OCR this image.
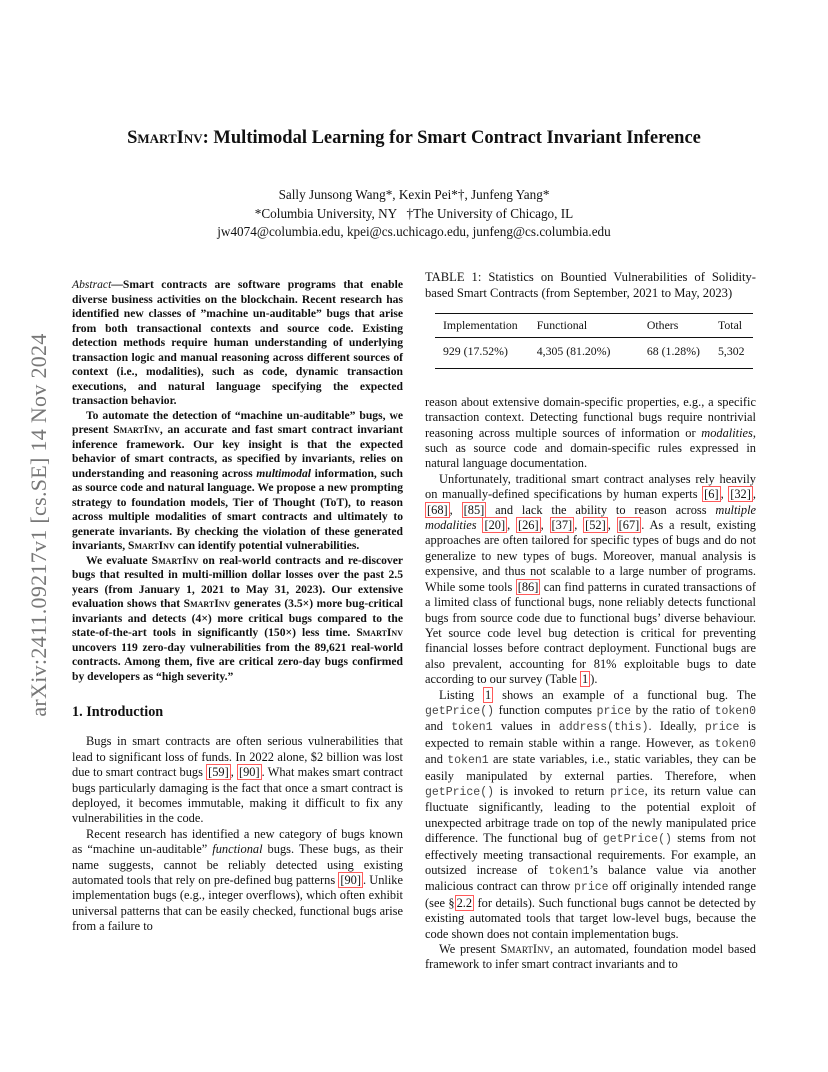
arXiv:2411.09217v1 [cs.SE] 14 Nov 2024
SmartInv: Multimodal Learning for Smart Contract Invariant Inference
Sally Junsong Wang*, Kexin Pei*†, Junfeng Yang*
*Columbia University, NY   †The University of Chicago, IL
jw4074@columbia.edu, kpei@cs.uchicago.edu, junfeng@cs.columbia.edu

Abstract—Smart contracts are software programs that enable diverse business activities on the blockchain. Recent research has identified new classes of ”machine un-auditable” bugs that arise from both transactional contexts and source code. Existing detection methods require human understanding of underlying transaction logic and manual reasoning across different sources of context (i.e., modalities), such as code, dynamic transaction executions, and natural language specifying the expected transaction behavior.

To automate the detection of “machine un-auditable” bugs, we present SmartInv, an accurate and fast smart contract invariant inference framework. Our key insight is that the expected behavior of smart contracts, as specified by invariants, relies on understanding and reasoning across multimodal information, such as source code and natural language. We propose a new prompting strategy to foundation models, Tier of Thought (ToT), to reason across multiple modalities of smart contracts and ultimately to generate invariants. By checking the violation of these generated invariants, SmartInv can identify potential vulnerabilities.

We evaluate SmartInv on real-world contracts and re-discover bugs that resulted in multi-million dollar losses over the past 2.5 years (from January 1, 2021 to May 31, 2023). Our extensive evaluation shows that SmartInv generates (3.5×) more bug-critical invariants and detects (4×) more critical bugs compared to the state-of-the-art tools in significantly (150×) less time. SmartInv uncovers 119 zero-day vulnerabilities from the 89,621 real-world contracts. Among them, five are critical zero-day bugs confirmed by developers as “high severity.”

1. Introduction

Bugs in smart contracts are often serious vulnerabilities that lead to significant loss of funds. In 2022 alone, $2 billion was lost due to smart contract bugs [59] , [90] . What makes smart contract bugs particularly damaging is the fact that once a smart contract is deployed, it becomes immutable, making it difficult to fix any vulnerabilities in the code.

Recent research has identified a new category of bugs known as “machine un-auditable” functional bugs. These bugs, as their name suggests, cannot be reliably detected using existing automated tools that rely on pre-defined bug patterns [90] . Unlike implementation bugs (e.g., integer overflows), which often exhibit universal patterns that can be easily checked, functional bugs arise from a failure to

TABLE 1: Statistics on Bountied Vulnerabilities of Solidity-based Smart Contracts (from September, 2021 to May, 2023)
Implementation	Functional	Others	Total
929 (17.52%)	4,305 (81.20%)	68 (1.28%)	5,302

reason about extensive domain-specific properties, e.g., a specific transaction context. Detecting functional bugs require nontrivial reasoning across multiple sources of information or modalities, such as source code and domain-specific rules expressed in natural language documentation.

Unfortunately, traditional smart contract analyses rely heavily on manually-defined specifications by human experts [6] , [32] , [68] , [85] and lack the ability to reason across multiple modalities [20] , [26] , [37] , [52] , [67] . As a result, existing approaches are often tailored for specific types of bugs and do not generalize to new types of bugs. Moreover, manual analysis is expensive, and thus not scalable to a large number of programs. While some tools [86] can find patterns in curated transactions of a limited class of functional bugs, none reliably detects functional bugs from source code due to functional bugs’ diverse behaviour. Yet source code level bug detection is critical for preventing financial losses before contract deployment. Functional bugs are also prevalent, accounting for 81% exploitable bugs to date according to our survey (Table 1 ).

Listing 1 shows an example of a functional bug. The getPrice() function computes price by the ratio of token0 and token1 values in address(this). Ideally, price is expected to remain stable within a range. However, as token0 and token1 are state variables, i.e., static variables, they can be easily manipulated by external parties. Therefore, when getPrice() is invoked to return price, its return value can fluctuate significantly, leading to the potential exploit of unexpected arbitrage trade on top of the newly manipulated price difference. The functional bug of getPrice() stems from not effectively meeting transactional requirements. For example, an outsized increase of token1’s balance value via another malicious contract can throw price off originally intended range (see § 2.2 for details). Such functional bugs cannot be detected by existing automated tools that target low-level bugs, because the code shown does not contain implementation bugs.

We present SmartInv, an automated, foundation model based framework to infer smart contract invariants and to
